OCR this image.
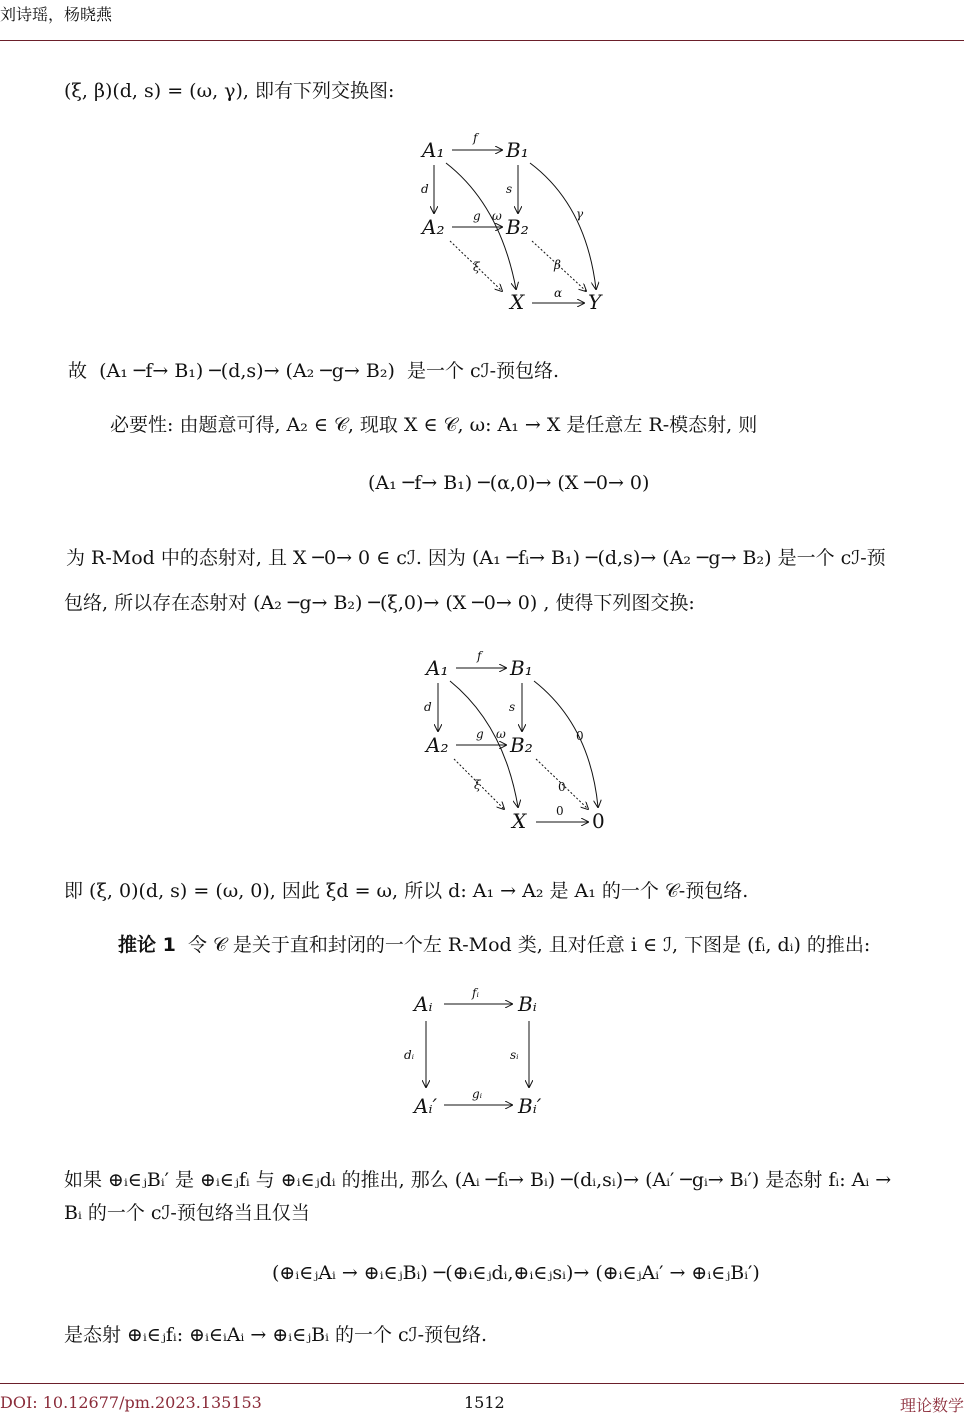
刘诗瑶，杨晓燕
(ξ, β)(d, s) = (ω, γ), 即有下列交换图:
A₁	B₁
A₂	B₂
X	Y
f
d	s
g ω	γ
ξ	β
α
故 (A₁ ─f→ B₁) ─(d,s)→ (A₂ ─g→ B₂) 是一个 cℐ-预包络.
必要性: 由题意可得, A₂ ∈ 𝒞, 现取 X ∈ 𝒞, ω: A₁ → X 是任意左 R-模态射, 则
(A₁ ─f→ B₁) ─(α,0)→ (X ─0→ 0)
为 R-Mod 中的态射对, 且 X ─0→ 0 ∈ cℐ. 因为 (A₁ ─fᵢ→ B₁) ─(d,s)→ (A₂ ─g→ B₂) 是一个 cℐ-预
包络, 所以存在态射对 (A₂ ─g→ B₂) ─(ξ,0)→ (X ─0→ 0) , 使得下列图交换:
A₁	B₁
A₂	B₂
X	0
f
d	s
g ω
ξ
0
0
0
即 (ξ, 0)(d, s) = (ω, 0), 因此 ξd = ω, 所以 d: A₁ → A₂ 是 A₁ 的一个 𝒞-预包络.
推论 1 令 𝒞 是关于直和封闭的一个左 R-Mod 类, 且对任意 i ∈ ℐ, 下图是 (fᵢ, dᵢ) 的推出:
Aᵢ	Bᵢ
Aᵢ′	Bᵢ′
fᵢ
dᵢ	sᵢ
gᵢ
如果 ⊕ᵢ∈ⱼBᵢ′ 是 ⊕ᵢ∈ⱼfᵢ 与 ⊕ᵢ∈ⱼdᵢ 的推出, 那么 (Aᵢ ─fᵢ→ Bᵢ) ─(dᵢ,sᵢ)→ (Aᵢ′ ─gᵢ→ Bᵢ′) 是态射 fᵢ: Aᵢ →
Bᵢ 的一个 cℐ-预包络当且仅当
(⊕ᵢ∈ⱼAᵢ → ⊕ᵢ∈ⱼBᵢ) ─(⊕ᵢ∈ⱼdᵢ,⊕ᵢ∈ⱼsᵢ)→ (⊕ᵢ∈ⱼAᵢ′ → ⊕ᵢ∈ⱼBᵢ′)
是态射 ⊕ᵢ∈ⱼfᵢ: ⊕ᵢ∈ᵢAᵢ → ⊕ᵢ∈ⱼBᵢ 的一个 cℐ-预包络.
DOI: 10.12677/pm.2023.135153	1512	理论数学
